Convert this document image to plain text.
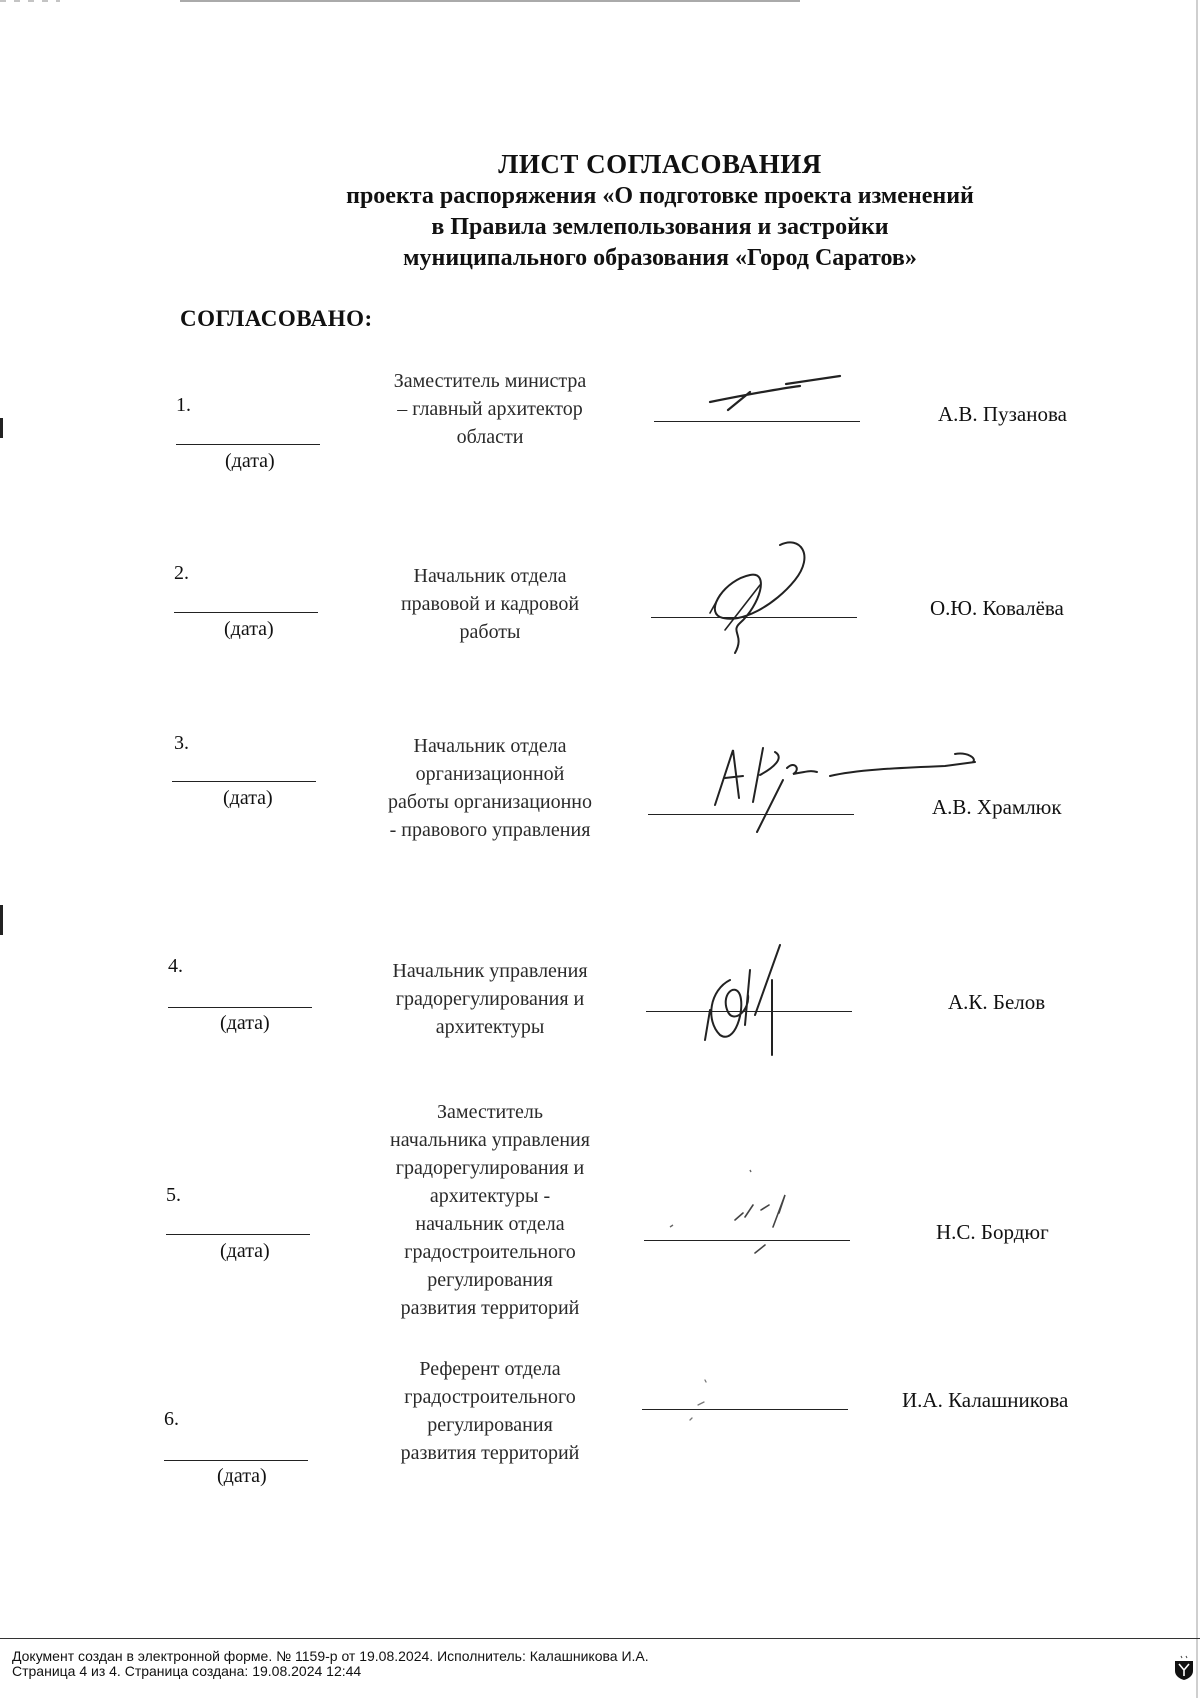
ЛИСТ СОГЛАСОВАНИЯ
проекта распоряжения «О подготовке проекта изменений
в Правила землепользования и застройки
муниципального образования «Город Саратов»
СОГЛАСОВАНО:
1.
(дата)
Заместитель министра
– главный архитектор
области
А.В. Пузанова
2.
(дата)
Начальник отдела
правовой и кадровой
работы
О.Ю. Ковалёва
3.
(дата)
Начальник отдела
организационной
работы организационно
- правового управления
А.В. Храмлюк
4.
(дата)
Начальник управления
градорегулирования и
архитектуры
А.К. Белов
5.
(дата)
Заместитель
начальника управления
градорегулирования и
архитектуры -
начальник отдела
градостроительного
регулирования
развития территорий
Н.С. Бордюг
6.
(дата)
Референт отдела
градостроительного
регулирования
развития территорий
И.А. Калашникова
Документ создан в электронной форме. № 1159-р от 19.08.2024. Исполнитель: Калашникова И.А.
Страница 4 из 4. Страница создана: 19.08.2024 12:44
